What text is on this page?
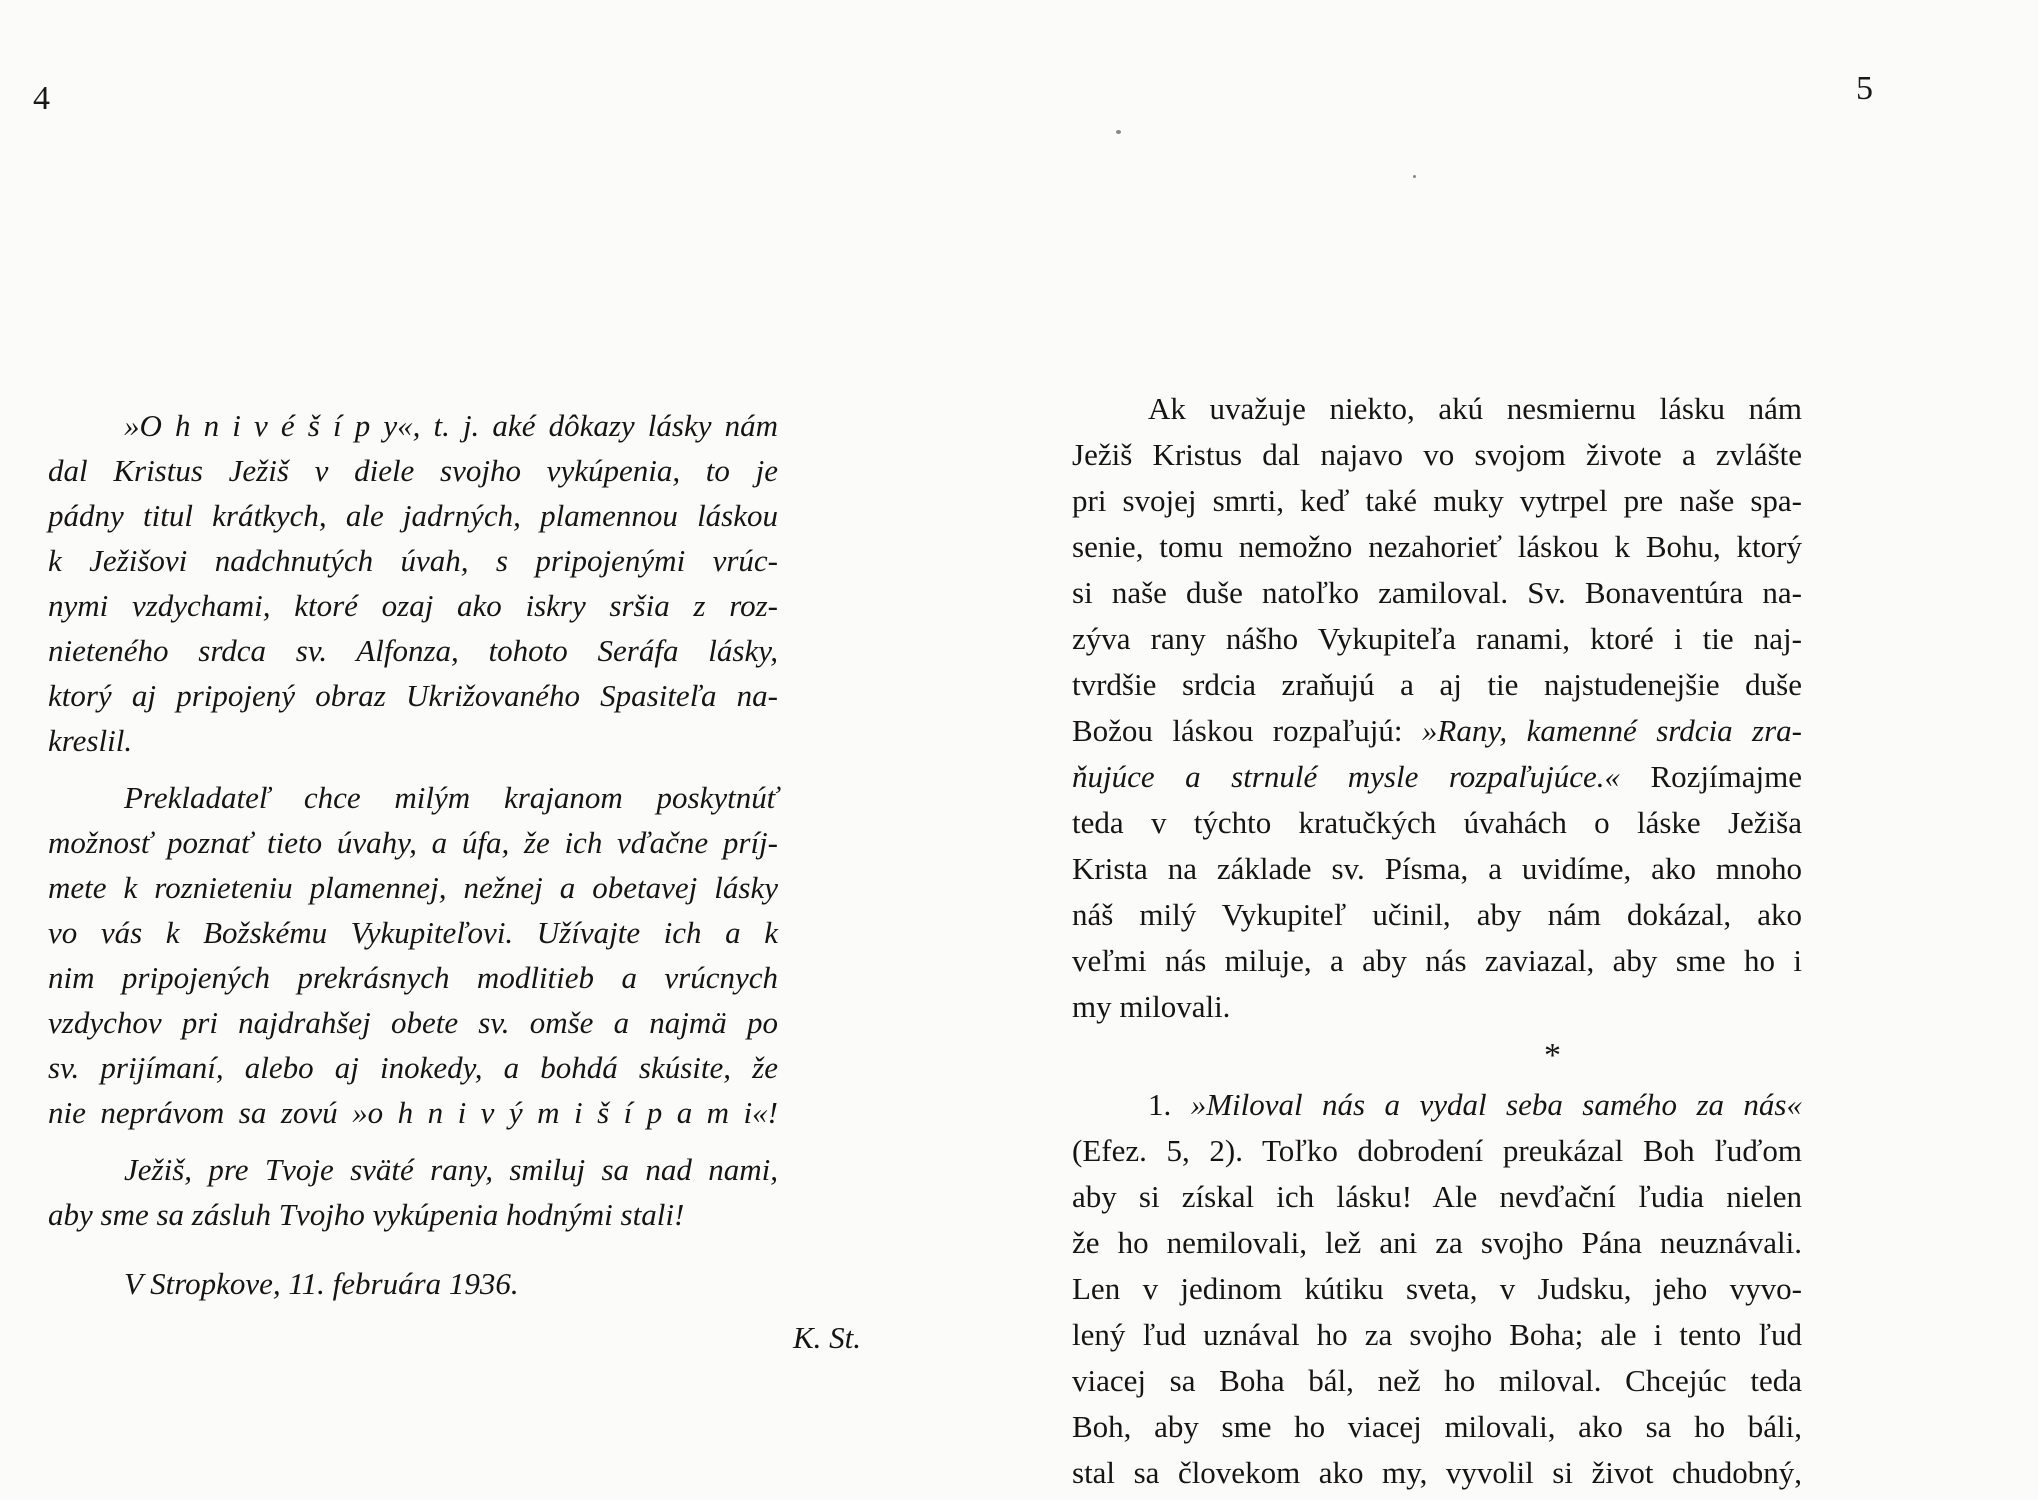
4	5
»O h n i v é š í p y«, t. j. aké dôkazy lásky nám
dal Kristus Ježiš v diele svojho vykúpenia, to je
pádny titul krátkych, ale jadrných, plamennou láskou
k Ježišovi nadchnutých úvah, s pripojenými vrúc-
nymi vzdychami, ktoré ozaj ako iskry sršia z roz-
nieteného srdca sv. Alfonza, tohoto Seráfa lásky,
ktorý aj pripojený obraz Ukrižovaného Spasiteľa na-
kreslil.
Prekladateľ chce milým krajanom poskytnúť
možnosť poznať tieto úvahy, a úfa, že ich vďačne príj-
mete k roznieteniu plamennej, nežnej a obetavej lásky
vo vás k Božskému Vykupiteľovi. Užívajte ich a k
nim pripojených prekrásnych modlitieb a vrúcnych
vzdychov pri najdrahšej obete sv. omše a najmä po
sv. prijímaní, alebo aj inokedy, a bohdá skúsite, že
nie neprávom sa zovú »o h n i v ý m i š í p a m i«!
Ježiš, pre Tvoje sväté rany, smiluj sa nad nami,
aby sme sa zásluh Tvojho vykúpenia hodnými stali!
V Stropkove, 11. februára 1936.
K. St.
Ak uvažuje niekto, akú nesmiernu lásku nám
Ježiš Kristus dal najavo vo svojom živote a zvlášte
pri svojej smrti, keď také muky vytrpel pre naše spa-
senie, tomu nemožno nezahorieť láskou k Bohu, ktorý
si naše duše natoľko zamiloval. Sv. Bonaventúra na-
zýva rany nášho Vykupiteľa ranami, ktoré i tie naj-
tvrdšie srdcia zraňujú a aj tie najstudenejšie duše
Božou láskou rozpaľujú: »Rany, kamenné srdcia zra-
ňujúce a strnulé mysle rozpaľujúce.« Rozjímajme
teda v týchto kratučkých úvahách o láske Ježiša
Krista na základe sv. Písma, a uvidíme, ako mnoho
náš milý Vykupiteľ učinil, aby nám dokázal, ako
veľmi nás miluje, a aby nás zaviazal, aby sme ho i
my milovali.
*
1. »Miloval nás a vydal seba samého za nás«
(Efez. 5, 2). Toľko dobrodení preukázal Boh ľuďom
aby si získal ich lásku! Ale nevďační ľudia nielen
že ho nemilovali, lež ani za svojho Pána neuznávali.
Len v jedinom kútiku sveta, v Judsku, jeho vyvo-
lený ľud uznával ho za svojho Boha; ale i tento ľud
viacej sa Boha bál, než ho miloval. Chcejúc teda
Boh, aby sme ho viacej milovali, ako sa ho báli,
stal sa človekom ako my, vyvolil si život chudobný,
